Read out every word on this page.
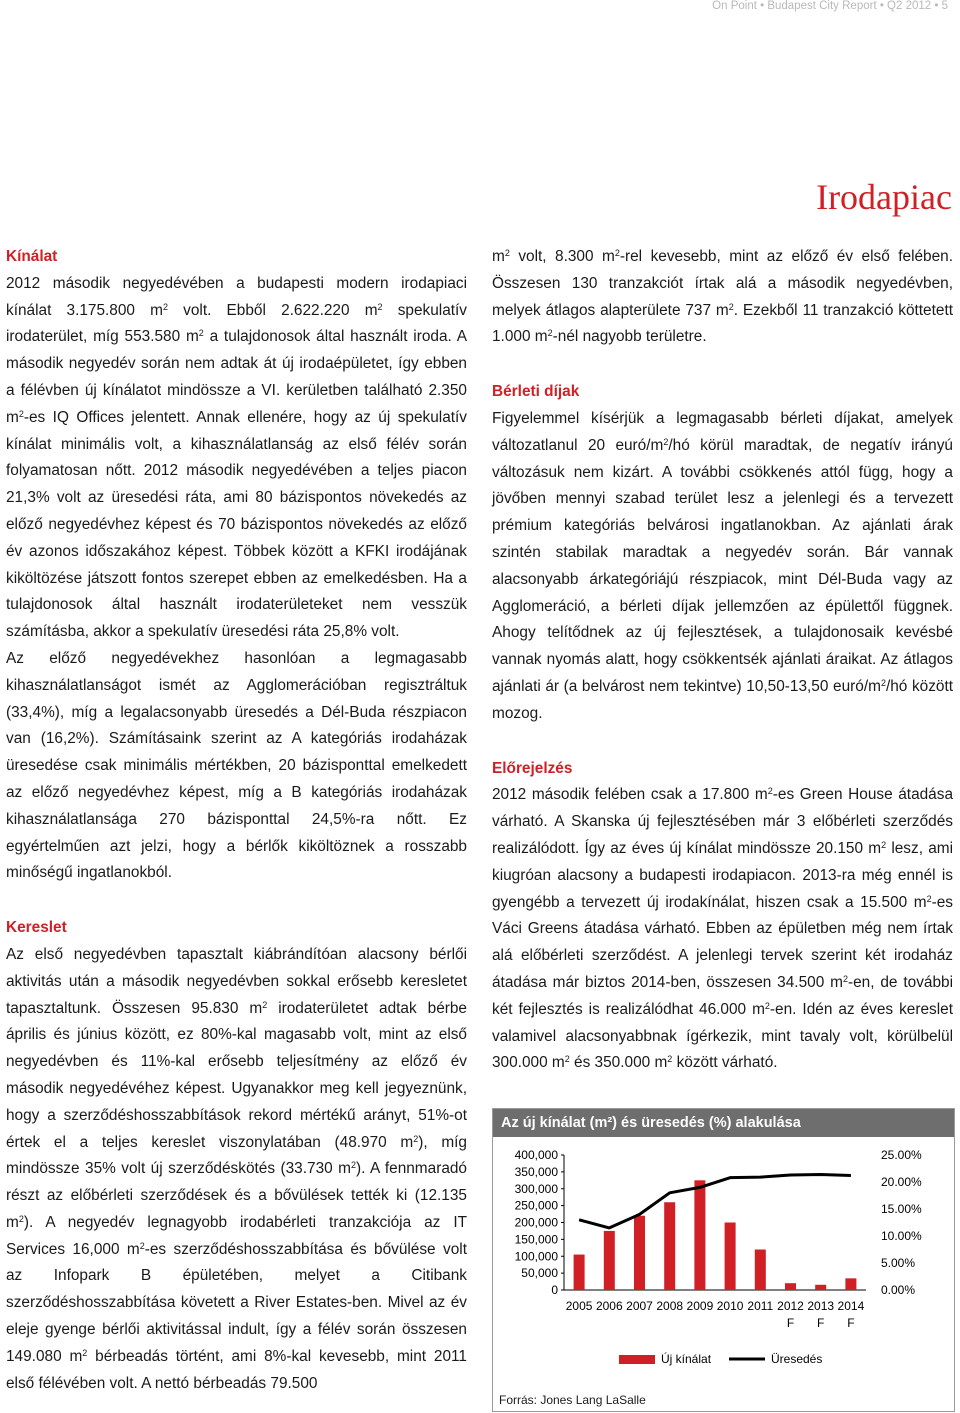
On Point • Budapest City Report • Q2 2012 • 5
Irodapiac
Kínálat

2012 második negyedévében a budapesti modern irodapiaci kínálat 3.175.800 $m^2$ volt. Ebből 2.622.220 $m^2$ spekulatív irodaterület, míg 553.580 $m^2$ a tulajdonosok által használt iroda. A második negyedév során nem adtak át új irodaépületet, így ebben a félévben új kínálatot mindössze a VI. kerületben található 2.350 $m^2-es$ IQ Offices jelentett. Annak ellenére, hogy az új spekulatív kínálat minimális volt, a kihasználatlanság az első félév során folyamatosan nőtt. 2012 második negyedévében a teljes piacon 21,3% volt az üresedési ráta, ami 80 bázispontos növekedés az előző negyedévhez képest és 70 bázispontos növekedés az előző év azonos időszakához képest. Többek között a KFKI irodájának kiköltözése játszott fontos szerepet ebben az emelkedésben. Ha a tulajdonosok által használt irodaterületeket nem vesszük számításba, akkor a spekulatív üresedési ráta 25,8% volt.

Az előző negyedévekhez hasonlóan a legmagasabb kihasználatlanságot ismét az Agglomerációban regisztráltuk (33,4%), míg a legalacsonyabb üresedés a Dél-Buda részpiacon van (16,2%). Számításaink szerint az A kategóriás irodaházak üresedése csak minimális mértékben, 20 bázisponttal emelkedett az előző negyedévhez képest, míg a B kategóriás irodaházak kihasználatlansága 270 bázisponttal 24,5%-ra nőtt. Ez egyértelműen azt jelzi, hogy a bérlők kiköltöznek a rosszabb minőségű ingatlanokból.

Kereslet

Az első negyedévben tapasztalt kiábrándítóan alacsony bérlői aktivitás után a második negyedévben sokkal erősebb keresletet tapasztaltunk. Összesen 95.830 $m^2$ irodaterületet adtak bérbe április és június között, ez 80%-kal magasabb volt, mint az első negyedévben és 11%-kal erősebb teljesítmény az előző év második negyedévéhez képest. Ugyanakkor meg kell jegyeznünk, hogy a szerződéshosszabbítások rekord mértékű arányt, 51%-ot értek el a teljes kereslet viszonylatában (48.970 $m^2$), míg mindössze 35% volt új szerződéskötés (33.730 $m^2$). A fennmaradó részt az előbérleti szerződések és a bővülések tették ki (12.135 $m^2$). A negyedév legnagyobb irodabérleti tranzakciója az IT Services 16,000 $m^2-es$ szerződéshosszabbítása és bővülése volt az Infopark B épületében, melyet a Citibank szerződéshosszabbítása követett a River Estates-ben. Mivel az év eleje gyenge bérlői aktivitással indult, így a félév során összesen 149.080 $m^2$ bérbeadás történt, ami 8%-kal kevesebb, mint 2011 első félévében volt. A nettó bérbeadás 79.500

$m^2$ volt, 8.300 $m^2$-rel kevesebb, mint az előző év első felében. Összesen 130 tranzakciót írtak alá a második negyedévben, melyek átlagos alapterülete 737 $m^2$. Ezekből 11 tranzakció köttetett 1.000 $m^2$-nél nagyobb területre.

Bérleti díjak

Figyelemmel kísérjük a legmagasabb bérleti díjakat, amelyek változatlanul 20 euró/$m^2/hó$ körül maradtak, de negatív irányú változásuk nem kizárt. A további csökkenés attól függ, hogy a jövőben mennyi szabad terület lesz a jelenlegi és a tervezett prémium kategóriás belvárosi ingatlanokban. Az ajánlati árak szintén stabilak maradtak a negyedév során. Bár vannak alacsonyabb árkategóriájú részpiacok, mint Dél-Buda vagy az Agglomeráció, a bérleti díjak jellemzően az épülettől függnek. Ahogy telítődnek az új fejlesztések, a tulajdonosaik kevésbé vannak nyomás alatt, hogy csökkentsék ajánlati áraikat. Az átlagos ajánlati ár (a belvárost nem tekintve) 10,50-13,50 euró/$m^2/hó$ között mozog.

Előrejelzés

2012 második felében csak a 17.800 $m^2-es$ Green House átadása várható. A Skanska új fejlesztésében már 3 előbérleti szerződés realizálódott. Így az éves új kínálat mindössze 20.150 $m^2$ lesz, ami kiugróan alacsony a budapesti irodapiacon. 2013-ra még ennél is gyengébb a tervezett új irodakínálat, hiszen csak a 15.500 $m^2-es$ Váci Greens átadása várható. Ebben az épületben még nem írtak alá előbérleti szerződést. A jelenlegi tervek szerint két irodaház átadása már biztos 2014-ben, összesen 34.500 $m^2-en$, de további két fejlesztés is realizálódhat 46.000 $m^2-en$. Idén az éves kereslet valamivel alacsonyabbnak ígérkezik, mint tavaly volt, körülbelül 300.000 $m^2$ és 350.000 $m^2$ között várható.

Az új kínálat (m²) és üresedés (%) alakulása
0
50,000
100,000
150,000
200,000
250,000
300,000
350,000
400,000
0.00%
5.00%
10.00%
15.00%
20.00%
25.00%
2005 2006 2007 2008 2009 2010 2011 2012
F
2013
F
2014
F
Új kínálat	Üresedés
Forrás: Jones Lang LaSalle
